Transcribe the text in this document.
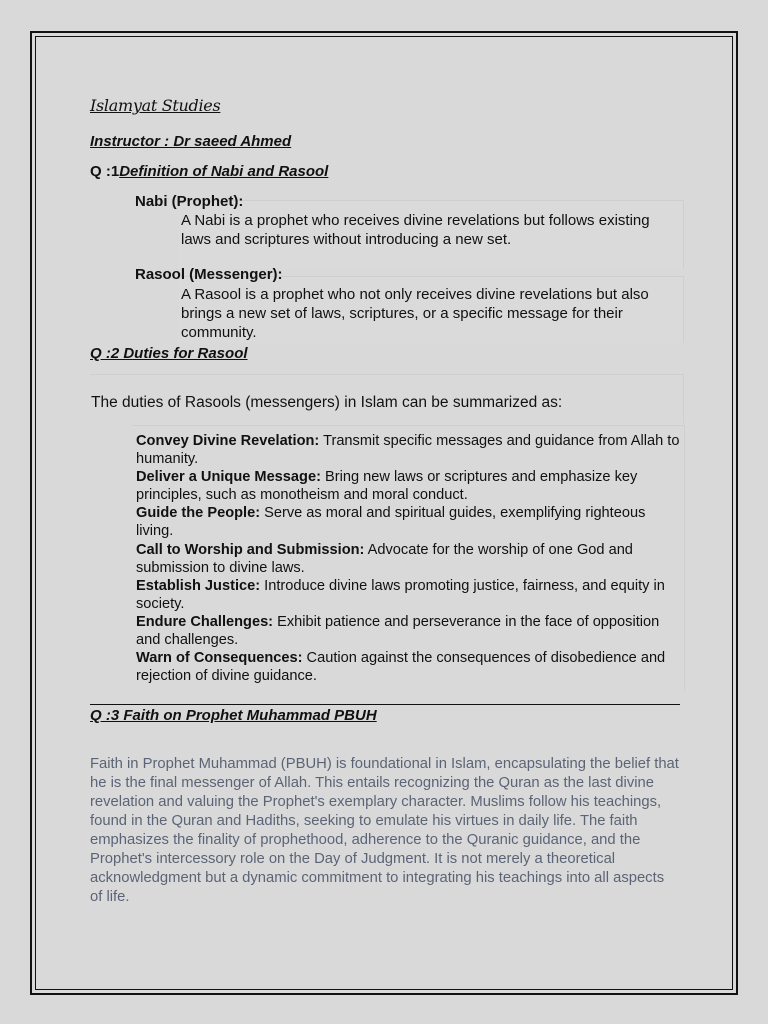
Islamyat Studies
Instructor : Dr saeed Ahmed
Q :1Definition of Nabi and Rasool
Nabi (Prophet):
A Nabi is a prophet who receives divine revelations but follows existing laws and scriptures without introducing a new set.
Rasool (Messenger):
A Rasool is a prophet who not only receives divine revelations but also brings a new set of laws, scriptures, or a specific message for their community.
Q :2 Duties for Rasool
The duties of Rasools (messengers) in Islam can be summarized as:
Convey Divine Revelation: Transmit specific messages and guidance from Allah to humanity.
Deliver a Unique Message: Bring new laws or scriptures and emphasize key principles, such as monotheism and moral conduct.
Guide the People: Serve as moral and spiritual guides, exemplifying righteous living.
Call to Worship and Submission: Advocate for the worship of one God and submission to divine laws.
Establish Justice: Introduce divine laws promoting justice, fairness, and equity in society.
Endure Challenges: Exhibit patience and perseverance in the face of opposition and challenges.
Warn of Consequences: Caution against the consequences of disobedience and rejection of divine guidance.
Q :3 Faith on Prophet Muhammad PBUH
Faith in Prophet Muhammad (PBUH) is foundational in Islam, encapsulating the belief that he is the final messenger of Allah. This entails recognizing the Quran as the last divine revelation and valuing the Prophet's exemplary character. Muslims follow his teachings, found in the Quran and Hadiths, seeking to emulate his virtues in daily life. The faith emphasizes the finality of prophethood, adherence to the Quranic guidance, and the Prophet's intercessory role on the Day of Judgment. It is not merely a theoretical acknowledgment but a dynamic commitment to integrating his teachings into all aspects of life.
